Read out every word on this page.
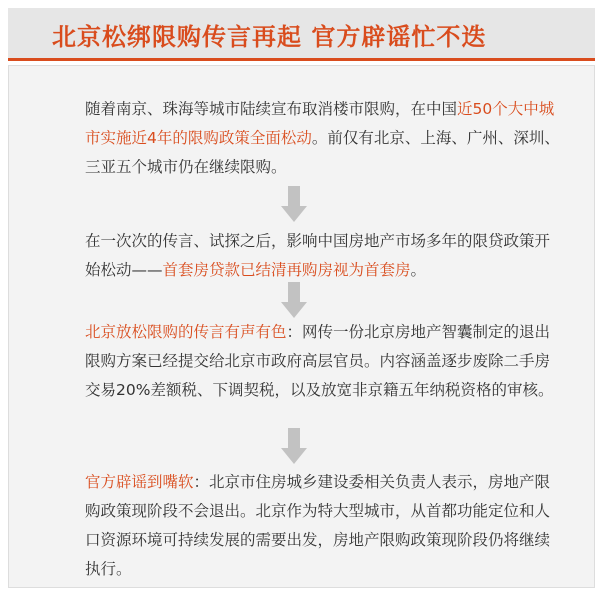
北京松绑限购传言再起 官方辟谣忙不迭
随着南京、珠海等城市陆续宣布取消楼市限购，在中国近50个大中城市实施近4年的限购政策全面松动。前仅有北京、上海、广州、深圳、三亚五个城市仍在继续限购。
在一次次的传言、试探之后，影响中国房地产市场多年的限贷政策开始松动——首套房贷款已结清再购房视为首套房。
北京放松限购的传言有声有色：网传一份北京房地产智囊制定的退出限购方案已经提交给北京市政府高层官员。内容涵盖逐步废除二手房交易20%差额税、下调契税，以及放宽非京籍五年纳税资格的审核。
官方辟谣到嘴软：北京市住房城乡建设委相关负责人表示，房地产限购政策现阶段不会退出。北京作为特大型城市，从首都功能定位和人口资源环境可持续发展的需要出发，房地产限购政策现阶段仍将继续执行。
